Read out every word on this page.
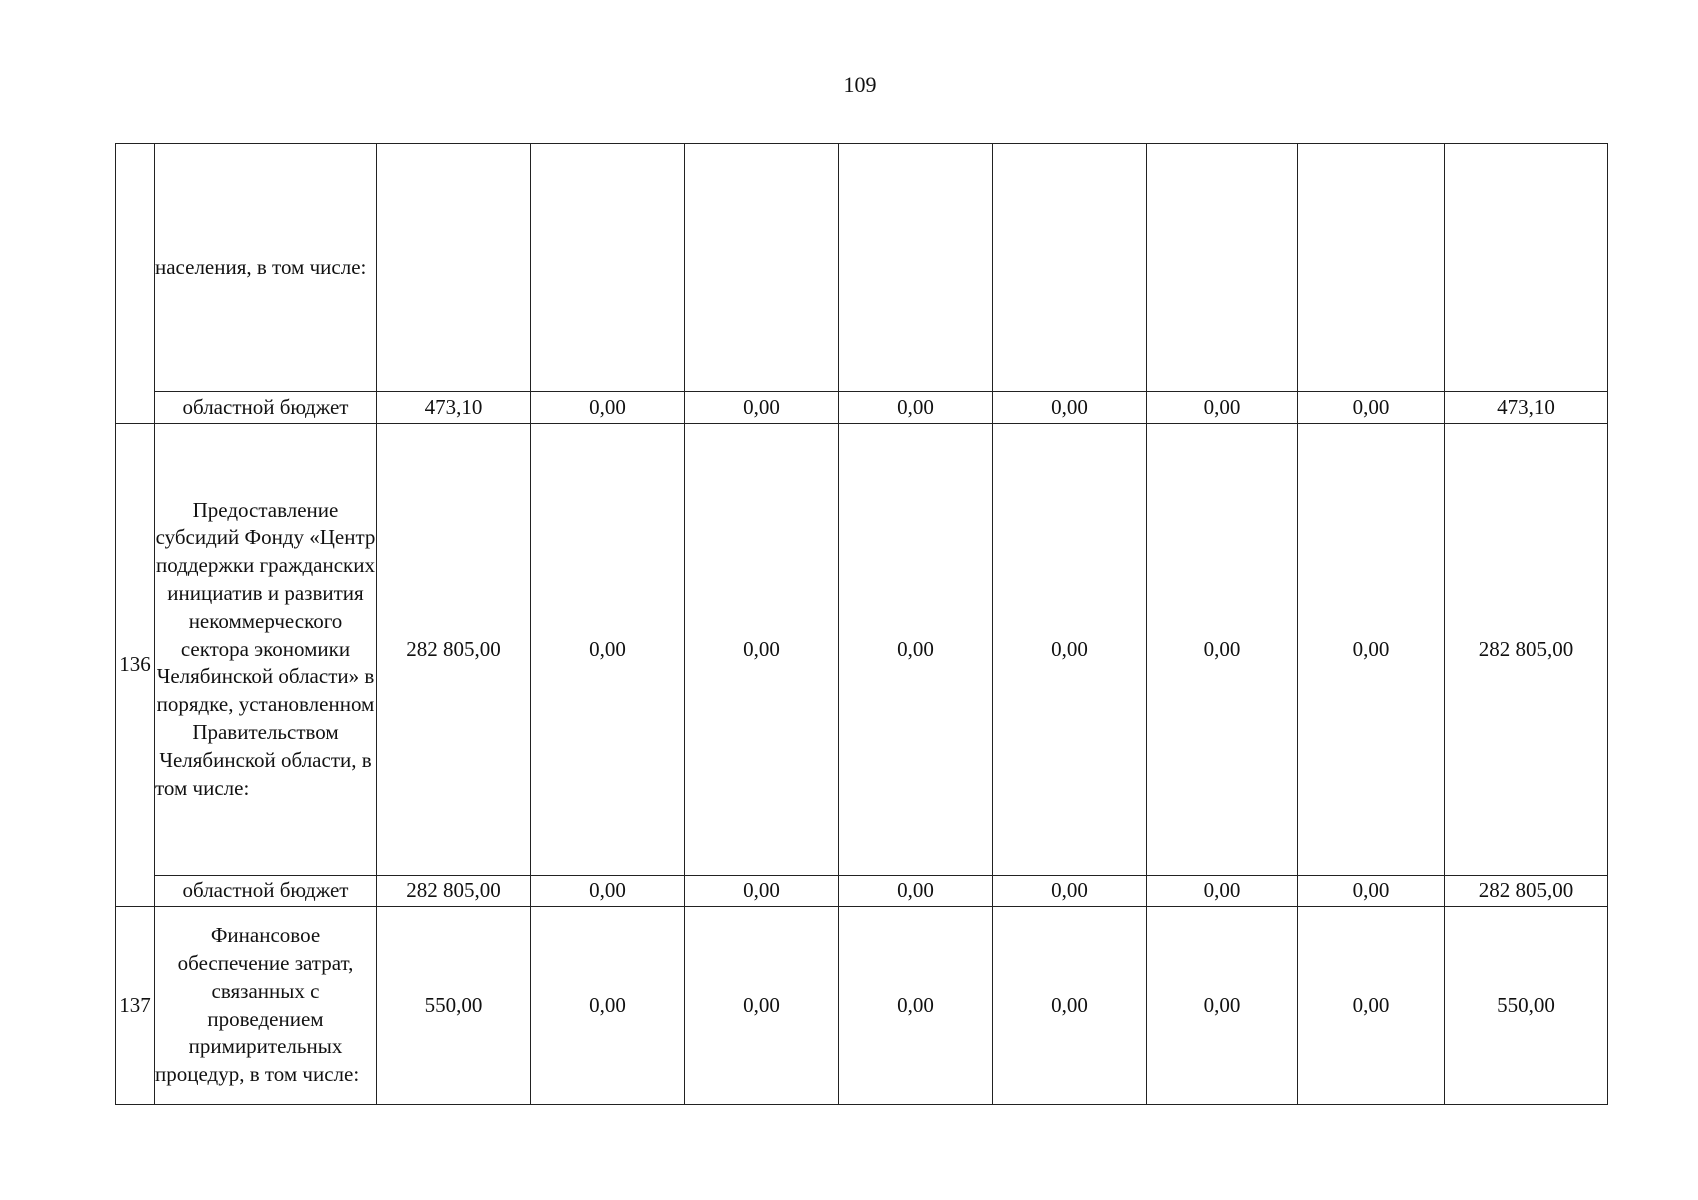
109
	населения, в том числе:								
	областной бюджет	473,10	0,00	0,00	0,00	0,00	0,00	0,00	473,10
136	Предоставление субсидий Фонду «Центр поддержки гражданских инициатив и развития некоммерческого сектора экономики Челябинской области» в порядке, установленном Правительством Челябинской области, в том числе:	282 805,00	0,00	0,00	0,00	0,00	0,00	0,00	282 805,00
	областной бюджет	282 805,00	0,00	0,00	0,00	0,00	0,00	0,00	282 805,00
137	Финансовое обеспечение затрат, связанных с проведением примирительных процедур, в том числе:	550,00	0,00	0,00	0,00	0,00	0,00	0,00	550,00
